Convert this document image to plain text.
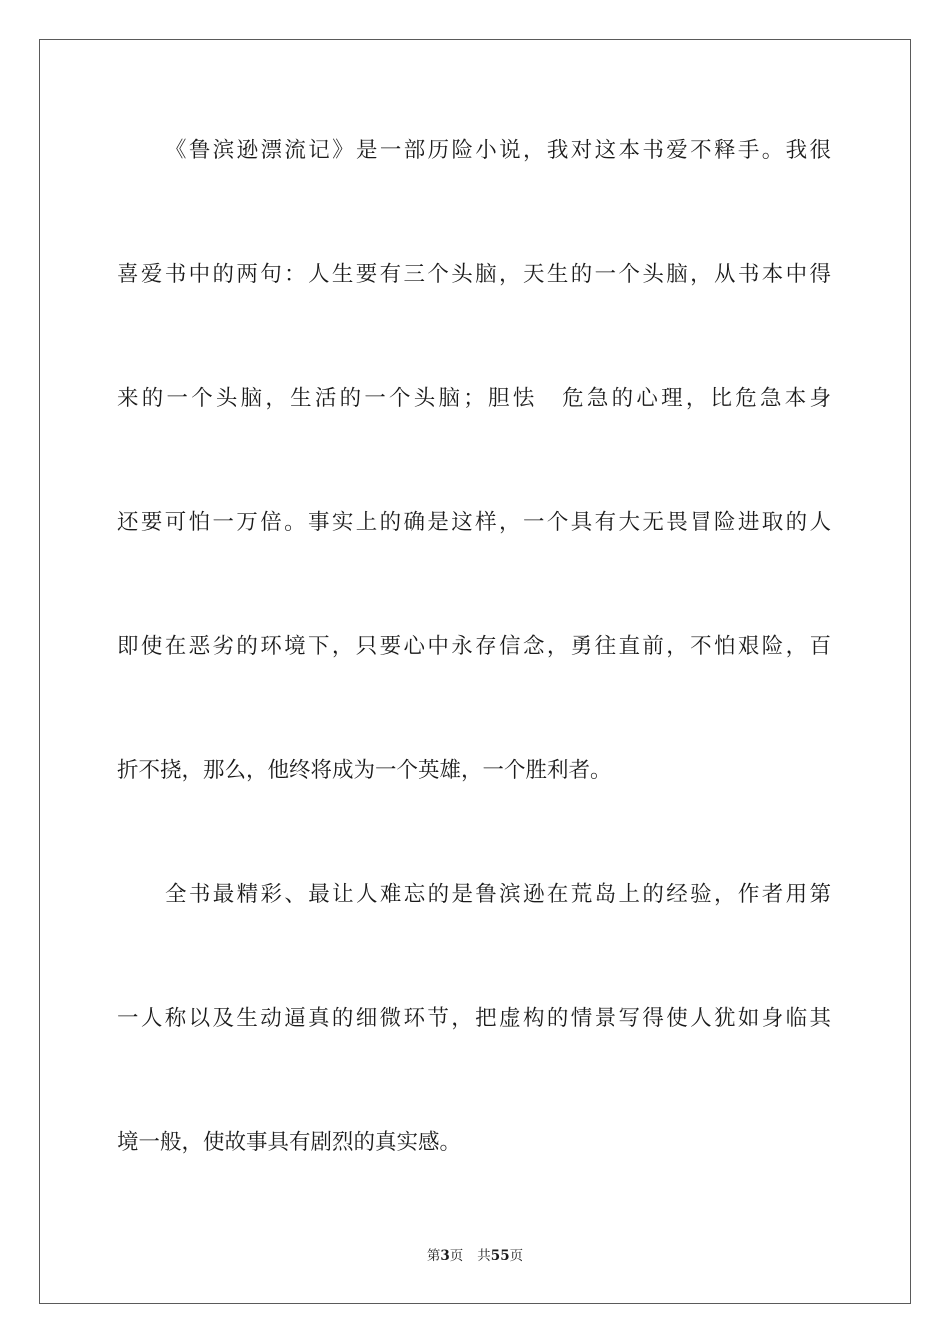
《鲁滨逊漂流记》是一部历险小说，我对这本书爱不释手。我很
喜爱书中的两句：人生要有三个头脑，天生的一个头脑，从书本中得
来的一个头脑，生活的一个头脑；胆怯　危急的心理，比危急本身
还要可怕一万倍。事实上的确是这样，一个具有大无畏冒险进取的人
即使在恶劣的环境下，只要心中永存信念，勇往直前，不怕艰险，百
折不挠，那么，他终将成为一个英雄，一个胜利者。
全书最精彩、最让人难忘的是鲁滨逊在荒岛上的经验，作者用第
一人称以及生动逼真的细微环节，把虚构的情景写得使人犹如身临其
境一般，使故事具有剧烈的真实感。
第3页 共55页
